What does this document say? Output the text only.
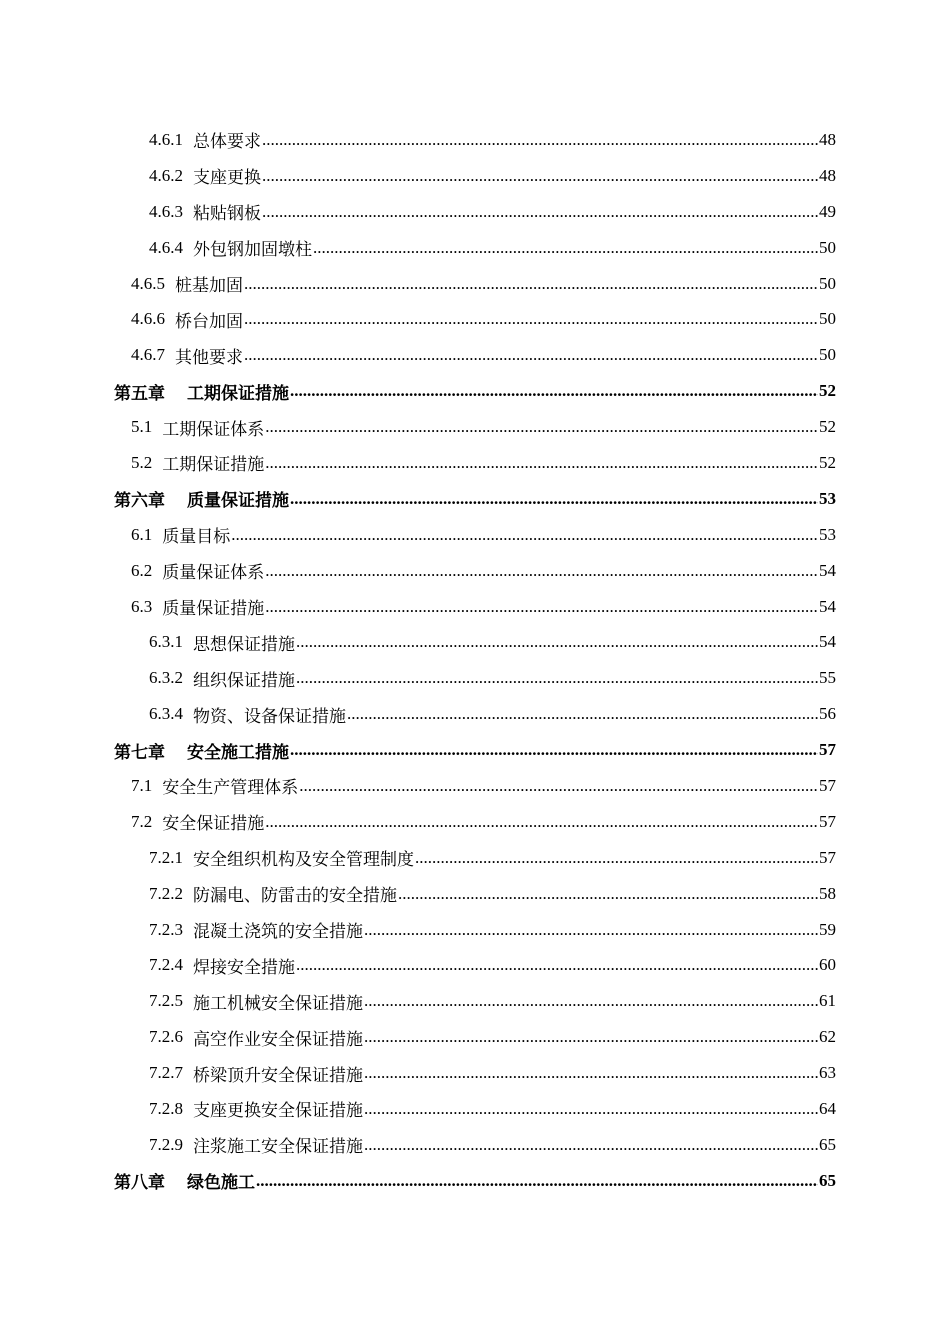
4.6.1 总体要求 .....	48
4.6.2 支座更换 .....	48
4.6.3 粘贴钢板 .....	49
4.6.4 外包钢加固墩柱 .....	50
4.6.5 桩基加固 .....	50
4.6.6 桥台加固 .....	50
4.6.7 其他要求 .....	50
第五章 工期保证措施 .....	52
5.1 工期保证体系 .....	52
5.2 工期保证措施 .....	52
第六章 质量保证措施 .....	53
6.1 质量目标 .....	53
6.2 质量保证体系 .....	54
6.3 质量保证措施 .....	54
6.3.1 思想保证措施 .....	54
6.3.2 组织保证措施 .....	55
6.3.4 物资、设备保证措施 .....	56
第七章 安全施工措施 .....	57
7.1 安全生产管理体系 .....	57
7.2 安全保证措施 .....	57
7.2.1 安全组织机构及安全管理制度 .....	57
7.2.2 防漏电、防雷击的安全措施 .....	58
7.2.3 混凝土浇筑的安全措施 .....	59
7.2.4 焊接安全措施 .....	60
7.2.5 施工机械安全保证措施 .....	61
7.2.6 高空作业安全保证措施 .....	62
7.2.7 桥梁顶升安全保证措施 .....	63
7.2.8 支座更换安全保证措施 .....	64
7.2.9 注浆施工安全保证措施 .....	65
第八章 绿色施工 .....	65
